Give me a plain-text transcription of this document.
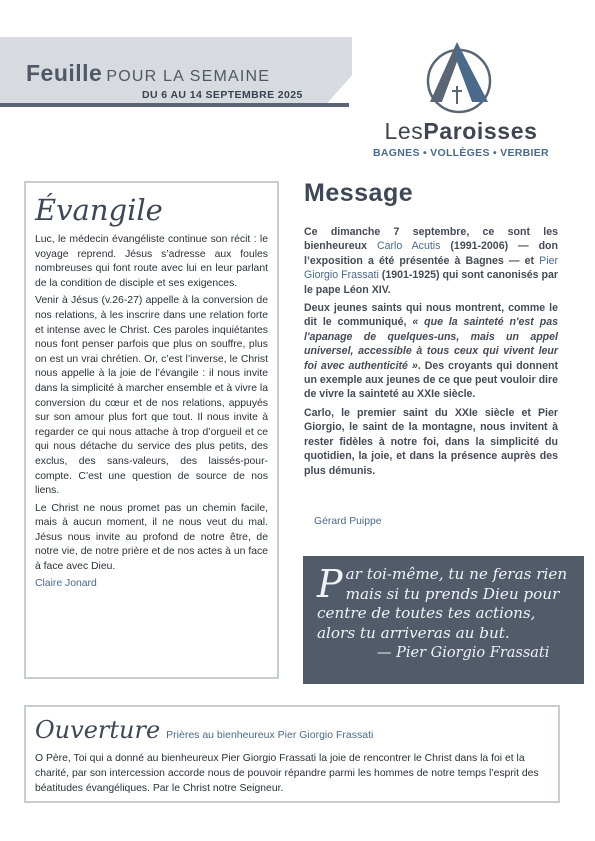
Feuille POUR LA SEMAINE
DU 6 AU 14 SEPTEMBRE 2025
LesParoisses
BAGNES • VOLLÈGES • VERBIER
Évangile

Luc, le médecin évangéliste continue son récit : le voyage reprend. Jésus s’adresse aux foules nombreuses qui font route avec lui en leur parlant de la condition de disciple et ses exigences.

Venir à Jésus (v.26-27) appelle à la conversion de nos relations, à les inscrire dans une relation forte et intense avec le Christ. Ces paroles inquiétantes nous font penser parfois que plus on souffre, plus on est un vrai chrétien. Or, c’est l’inverse, le Christ nous appelle à la joie de l’évangile : il nous invite dans la simplicité à marcher ensemble et à vivre la conversion du cœur et de nos relations, appuyés sur son amour plus fort que tout. Il nous invite à regarder ce qui nous attache à trop d’orgueil et ce qui nous détache du service des plus petits, des exclus, des sans-valeurs, des laissés-pour-compte. C’est une question de source de nos liens.

Le Christ ne nous promet pas un chemin facile, mais à aucun moment, il ne nous veut du mal. Jésus nous invite au profond de notre être, de notre vie, de notre prière et de nos actes à un face à face avec Dieu.

Claire Jonard
Message

Ce dimanche 7 septembre, ce sont les bienheureux Carlo Acutis (1991-2006) — don l’exposition a été présentée à Bagnes — et Pier Giorgio Frassati (1901-1925) qui sont canonisés par le pape Léon XIV.

Deux jeunes saints qui nous montrent, comme le dit le communiqué, « que la sainteté n'est pas l'apanage de quelques-uns, mais un appel universel, accessible à tous ceux qui vivent leur foi avec authenticité ». Des croyants qui donnent un exemple aux jeunes de ce que peut vouloir dire de vivre la sainteté au XXIe siècle.

Carlo, le premier saint du XXIe siècle et Pier Giorgio, le saint de la montagne, nous invitent à rester fidèles à notre foi, dans la simplicité du quotidien, la joie, et dans la présence auprès des plus démunis.

Gérard Puippe
Par toi-même, tu ne feras rien mais si tu prends Dieu pour centre de toutes tes actions, alors tu arriveras au but.
— Pier Giorgio Frassati
Ouverture Prières au bienheureux Pier Giorgio Frassati
O Père, Toi qui a donné au bienheureux Pier Giorgio Frassati la joie de rencontrer le Christ dans la foi et la charité, par son intercession accorde nous de pouvoir répandre parmi les hommes de notre temps l’esprit des béatitudes évangéliques. Par le Christ notre Seigneur.
